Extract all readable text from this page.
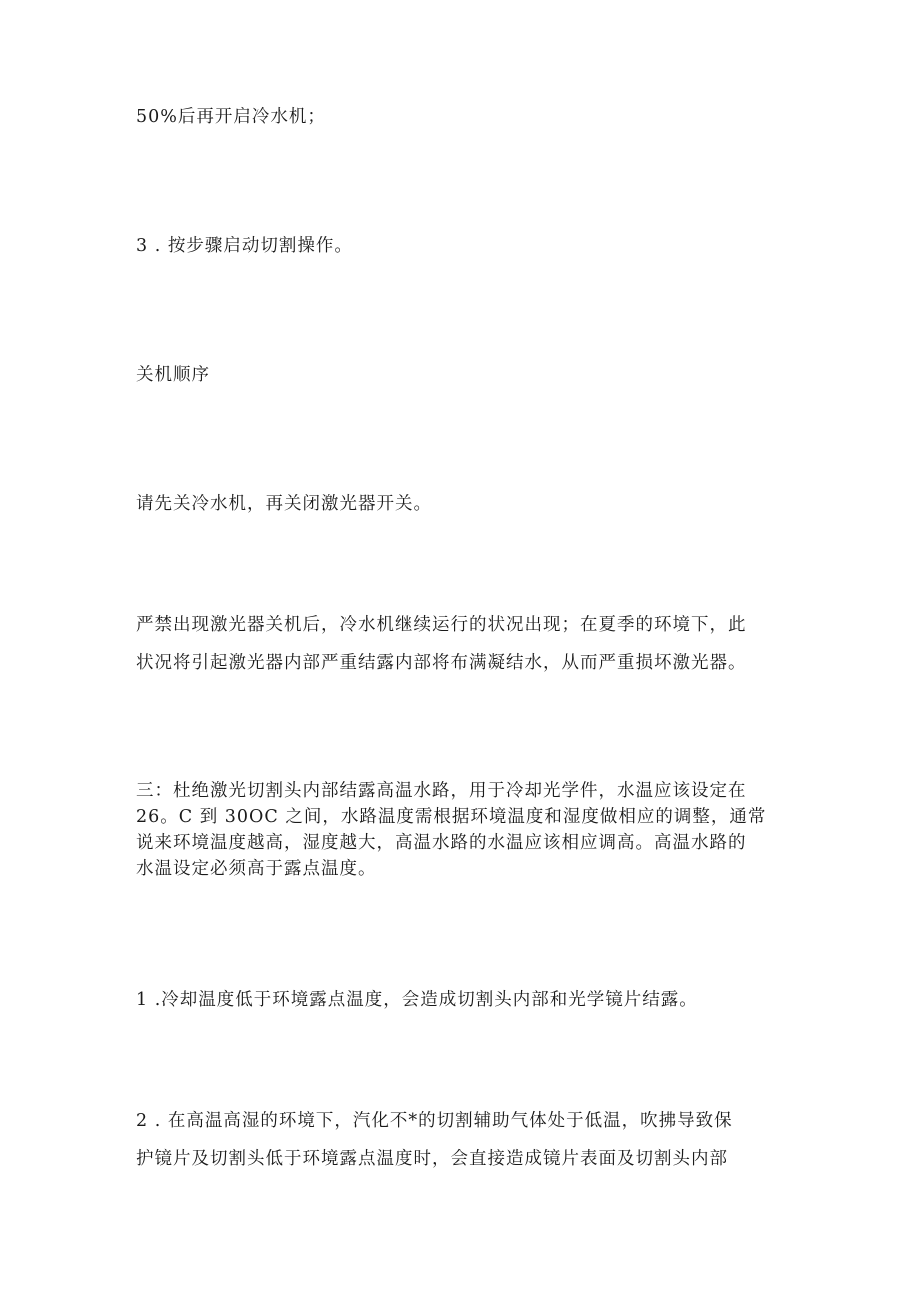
50%后再开启冷水机；
3 . 按步骤启动切割操作。
关机顺序
请先关冷水机，再关闭激光器开关。
严禁出现激光器关机后，冷水机继续运行的状况出现；在夏季的环境下，此
状况将引起激光器内部严重结露内部将布满凝结水，从而严重损坏激光器。
三：杜绝激光切割头内部结露高温水路，用于冷却光学件，水温应该设定在
26。C 到 30OC 之间，水路温度需根据环境温度和湿度做相应的调整，通常
说来环境温度越高，湿度越大，高温水路的水温应该相应调高。高温水路的
水温设定必须高于露点温度。
1 .冷却温度低于环境露点温度，会造成切割头内部和光学镜片结露。
2 . 在高温高湿的环境下，汽化不*的切割辅助气体处于低温，吹拂导致保
护镜片及切割头低于环境露点温度时，会直接造成镜片表面及切割头内部
